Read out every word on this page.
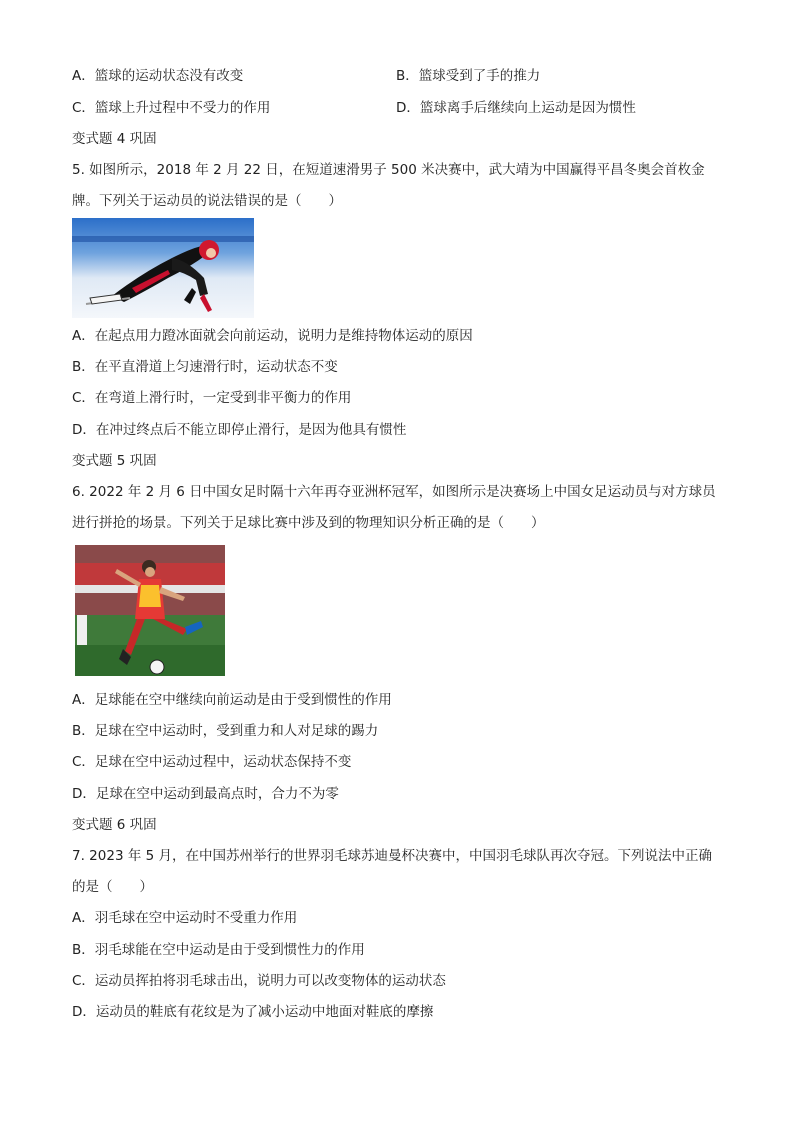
A．篮球的运动状态没有改变	B．篮球受到了手的推力
C．篮球上升过程中不受力的作用	D．篮球离手后继续向上运动是因为惯性
变式题 4 巩固
5. 如图所示，2018 年 2 月 22 日，在短道速滑男子 500 米决赛中，武大靖为中国赢得平昌冬奥会首枚金牌。下列关于运动员的说法错误的是（　　）
A．在起点用力蹬冰面就会向前运动，说明力是维持物体运动的原因
B．在平直滑道上匀速滑行时，运动状态不变
C．在弯道上滑行时，一定受到非平衡力的作用
D．在冲过终点后不能立即停止滑行，是因为他具有惯性
变式题 5 巩固
6. 2022 年 2 月 6 日中国女足时隔十六年再夺亚洲杯冠军，如图所示是决赛场上中国女足运动员与对方球员进行拼抢的场景。下列关于足球比赛中涉及到的物理知识分析正确的是（　　）
A．足球能在空中继续向前运动是由于受到惯性的作用
B．足球在空中运动时，受到重力和人对足球的踢力
C．足球在空中运动过程中，运动状态保持不变
D．足球在空中运动到最高点时，合力不为零
变式题 6 巩固
7. 2023 年 5 月，在中国苏州举行的世界羽毛球苏迪曼杯决赛中，中国羽毛球队再次夺冠。下列说法中正确的是（　　）
A．羽毛球在空中运动时不受重力作用
B．羽毛球能在空中运动是由于受到惯性力的作用
C．运动员挥拍将羽毛球击出，说明力可以改变物体的运动状态
D．运动员的鞋底有花纹是为了减小运动中地面对鞋底的摩擦
